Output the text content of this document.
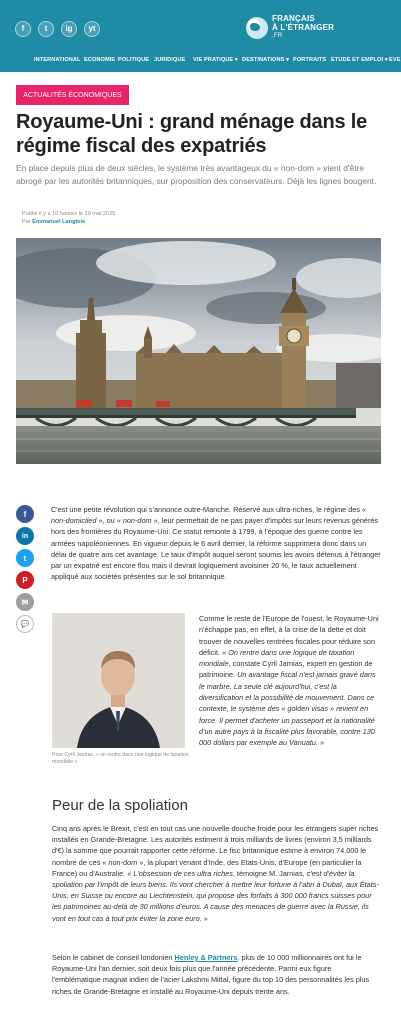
f	t	ig	yt
FRANÇAIS
À L'ÉTRANGER
.FR
INTERNATIONAL ECONOMIE POLITIQUE JURIDIQUE VIE PRATIQUE ▾ DESTINATIONS ▾ PORTRAITS ETUDE ET EMPLOI ▾ EVE
ACTUALITÉS ÉCONOMIQUES
Royaume-Uni : grand ménage dans le régime fiscal des expatriés

En place depuis plus de deux siècles, le système très avantageux du « non-dom » vient d'être abrogé par les autorités britanniques, sur proposition des conservateurs. Déjà les lignes bougent.

Publié il y a 10 heures le 19 mai 2025
Par Emmanuel Langlois
f
in
t
P
✉
💬

C'est une petite révolution qui s'annonce outre-Manche. Réservé aux ultra-riches, le régime des « non-domiciled », ou « non-dom », leur permettait de ne pas payer d'impôts sur leurs revenus générés hors des frontières du Royaume-Uni. Ce statut remonte à 1799, à l'époque des guerre contre les armées napoléoniennes. En vigueur depuis le 6 avril dernier, la réforme supprimera donc dans un délai de quatre ans cet avantage. Le taux d'impôt auquel seront soumis les avoirs détenus à l'étranger par un expatrié est encore flou mais il devrait logiquement avoisiner 20 %, le taux actuellement appliqué aux sociétés présentes sur le sol britannique.

Pour Cyril Jarnias, « on rentre dans une logique de taxation mondiale »

Comme le reste de l'Europe de l'ouest, le Royaume-Uni n'échappe pas, en effet, à la crise de la dette et doit trouver de nouvelles rentrées fiscales pour réduire son déficit. « On rentre dans une logique de taxation mondiale, constate Cyril Jarnias, expert en gestion de patrimoine. Un avantage fiscal n'est jamais gravé dans le marbre. La seule clé aujourd'hui, c'est la diversification et la possibilité de mouvement. Dans ce contexte, le système des « golden visas » revient en force. Il permet d'acheter un passeport et la nationalité d'un autre pays à la fiscalité plus favorable, contre 130 000 dollars par exemple au Vanuatu. »

Peur de la spoliation

Cinq ans après le Brexit, c'est en tout cas une nouvelle douche froide pour les étrangers super riches installés en Grande-Bretagne. Les autorités estiment à trois milliards de livres (environ 3,5 milliards d'€) la somme que pourrait rapporter cette réforme. Le fisc britannique estime à environ 74.000 le nombre de ces « non-dom », la plupart venant d'Inde, des Etats-Unis, d'Europe (en particulier la France) ou d'Australie. « L'obsession de ces ultra riches, témoigne M. Jarnias, c'est d'éviter la spoliation par l'impôt de leurs biens. Ils vont chercher à mettre leur fortune à l'abri à Dubaï, aux États-Unis, en Suisse ou encore au Liechtenstein, qui propose des forfaits à 300 000 francs suisses pour les patrimoines au-delà de 30 millions d'euros. A cause des menaces de guerre avec la Russie, ils vont en tout cas à tout prix éviter la zone euro. »

Selon le cabinet de conseil londonien Henley & Partners, plus de 10 000 millionnaires ont fui le Royaume-Uni l'an dernier, soit deux fois plus que l'année précédente. Parmi eux figure l'emblématique magnat indien de l'acier Lakshmi Mittal, figure du top 10 des personnalités les plus riches de Grande-Bretagne et installé au Royaume-Uni depuis trente ans.
